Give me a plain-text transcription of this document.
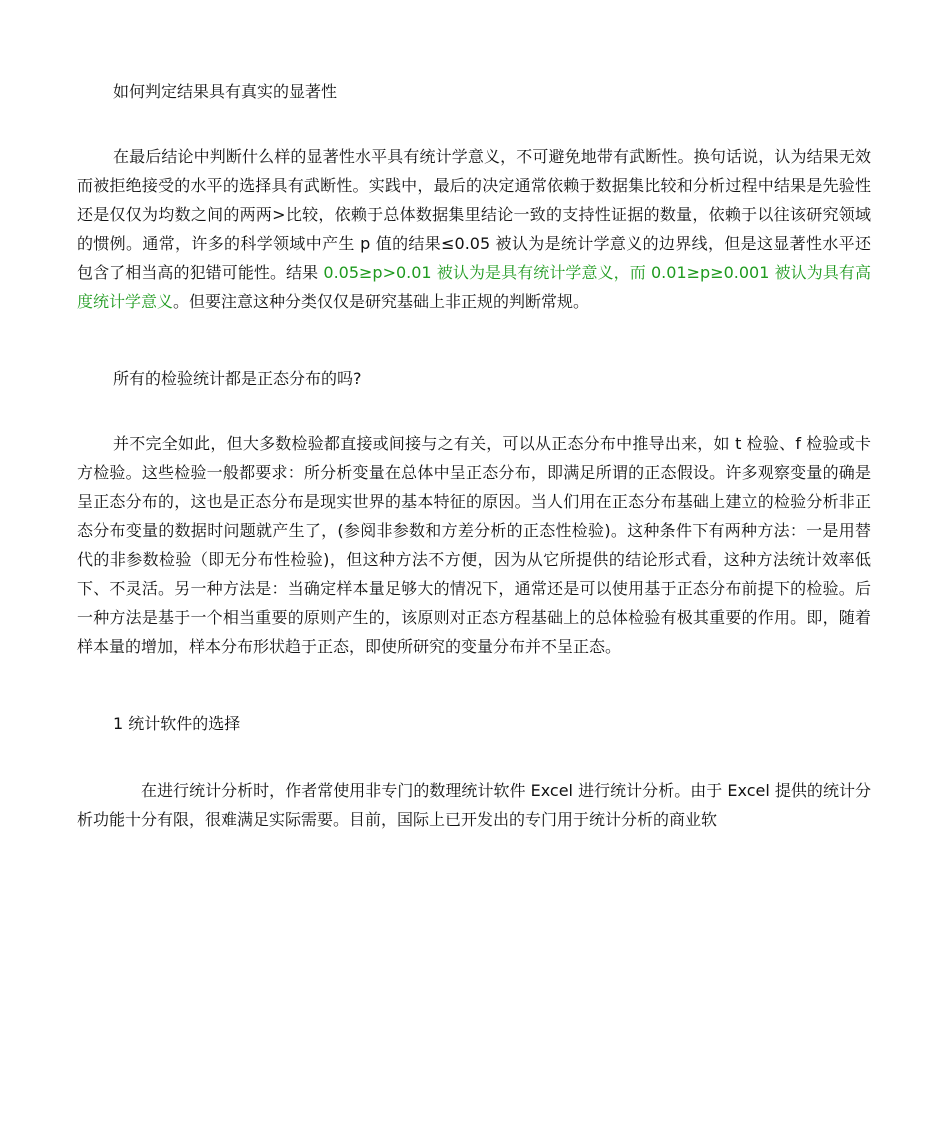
如何判定结果具有真实的显著性

在最后结论中判断什么样的显著性水平具有统计学意义，不可避免地带有武断性。换句话说，认为结果无效而被拒绝接受的水平的选择具有武断性。实践中，最后的决定通常依赖于数据集比较和分析过程中结果是先验性还是仅仅为均数之间的两两>比较，依赖于总体数据集里结论一致的支持性证据的数量，依赖于以往该研究领域的惯例。通常，许多的科学领域中产生 p 值的结果≤0.05 被认为是统计学意义的边界线，但是这显著性水平还包含了相当高的犯错可能性。结果 0.05≥p>0.01 被认为是具有统计学意义，而 0.01≥p≥0.001 被认为具有高度统计学意义。但要注意这种分类仅仅是研究基础上非正规的判断常规。

所有的检验统计都是正态分布的吗?

并不完全如此，但大多数检验都直接或间接与之有关，可以从正态分布中推导出来，如 t 检验、f 检验或卡方检验。这些检验一般都要求：所分析变量在总体中呈正态分布，即满足所谓的正态假设。许多观察变量的确是呈正态分布的，这也是正态分布是现实世界的基本特征的原因。当人们用在正态分布基础上建立的检验分析非正态分布变量的数据时问题就产生了，(参阅非参数和方差分析的正态性检验)。这种条件下有两种方法：一是用替代的非参数检验（即无分布性检验)，但这种方法不方便，因为从它所提供的结论形式看，这种方法统计效率低下、不灵活。另一种方法是：当确定样本量足够大的情况下，通常还是可以使用基于正态分布前提下的检验。后一种方法是基于一个相当重要的原则产生的，该原则对正态方程基础上的总体检验有极其重要的作用。即，随着样本量的增加，样本分布形状趋于正态，即使所研究的变量分布并不呈正态。

1 统计软件的选择

在进行统计分析时，作者常使用非专门的数理统计软件 Excel 进行统计分析。由于 Excel 提供的统计分析功能十分有限，很难满足实际需要。目前，国际上已开发出的专门用于统计分析的商业软
